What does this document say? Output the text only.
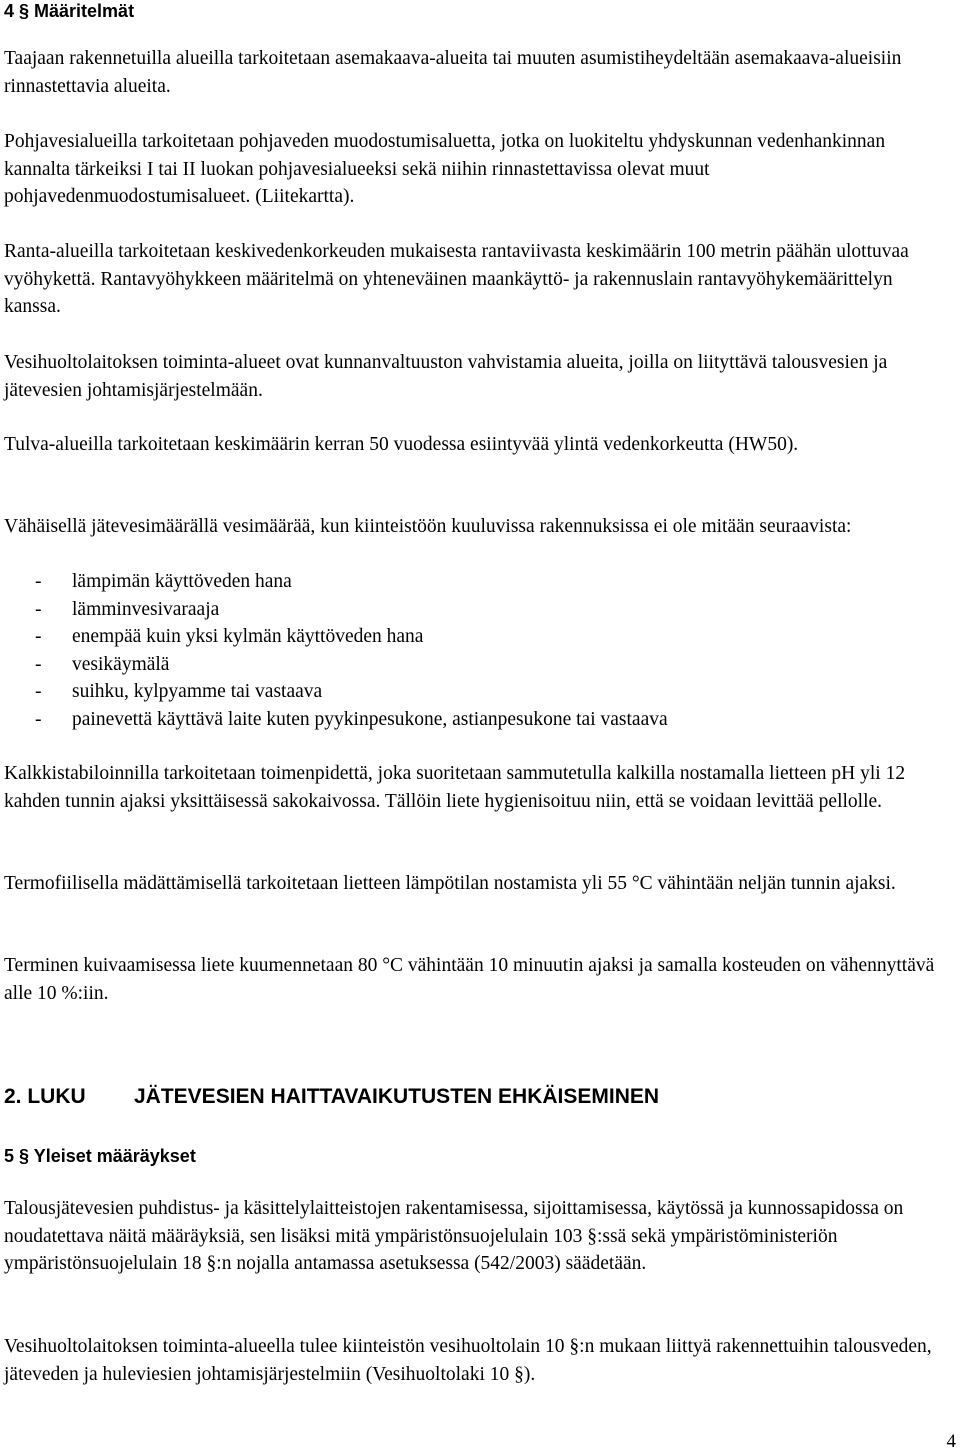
4 § Määritelmät

Taajaan rakennetuilla alueilla tarkoitetaan asemakaava-alueita tai muuten asumistiheydeltään asemakaava-alueisiin rinnastettavia alueita.

Pohjavesialueilla tarkoitetaan pohjaveden muodostumisaluetta, jotka on luokiteltu yhdyskunnan vedenhankinnan kannalta tärkeiksi I tai II luokan pohjavesialueeksi sekä niihin rinnastettavissa olevat muut pohjavedenmuodostumisalueet. (Liitekartta).

Ranta-alueilla tarkoitetaan keskivedenkorkeuden mukaisesta rantaviivasta keskimäärin 100 metrin päähän ulottuvaa vyöhykettä. Rantavyöhykkeen määritelmä on yhteneväinen maankäyttö- ja rakennuslain rantavyöhykemäärittelyn kanssa.

Vesihuoltolaitoksen toiminta-alueet ovat kunnanvaltuuston vahvistamia alueita, joilla on liityttävä talousvesien ja jätevesien johtamisjärjestelmään.

Tulva-alueilla tarkoitetaan keskimäärin kerran 50 vuodessa esiintyvää ylintä vedenkorkeutta (HW50).

Vähäisellä jätevesimäärällä vesimäärää, kun kiinteistöön kuuluvissa rakennuksissa ei ole mitään seuraavista:

- lämpimän käyttöveden hana
- lämminvesivaraaja
- enempää kuin yksi kylmän käyttöveden hana
- vesikäymälä
- suihku, kylpyamme tai vastaava
- painevettä käyttävä laite kuten pyykinpesukone, astianpesukone tai vastaava

Kalkkistabiloinnilla tarkoitetaan toimenpidettä, joka suoritetaan sammutetulla kalkilla nostamalla lietteen pH yli 12 kahden tunnin ajaksi yksittäisessä sakokaivossa. Tällöin liete hygienisoituu niin, että se voidaan levittää pellolle.

Termofiilisella mädättämisellä tarkoitetaan lietteen lämpötilan nostamista yli 55 °C vähintään neljän tunnin ajaksi.

Terminen kuivaamisessa liete kuumennetaan 80 °C vähintään 10 minuutin ajaksi ja samalla kosteuden on vähennyttävä alle 10 %:iin.

2. LUKU JÄTEVESIEN HAITTAVAIKUTUSTEN EHKÄISEMINEN
5 § Yleiset määräykset

Talousjätevesien puhdistus- ja käsittelylaitteistojen rakentamisessa, sijoittamisessa, käytössä ja kunnossapidossa on noudatettava näitä määräyksiä, sen lisäksi mitä ympäristönsuojelulain 103 §:ssä sekä ympäristöministeriön ympäristönsuojelulain 18 §:n nojalla antamassa asetuksessa (542/2003) säädetään.

Vesihuoltolaitoksen toiminta-alueella tulee kiinteistön vesihuoltolain 10 §:n mukaan liittyä rakennettuihin talousveden, jäteveden ja huleviesien johtamisjärjestelmiin (Vesihuoltolaki 10 §).

4
